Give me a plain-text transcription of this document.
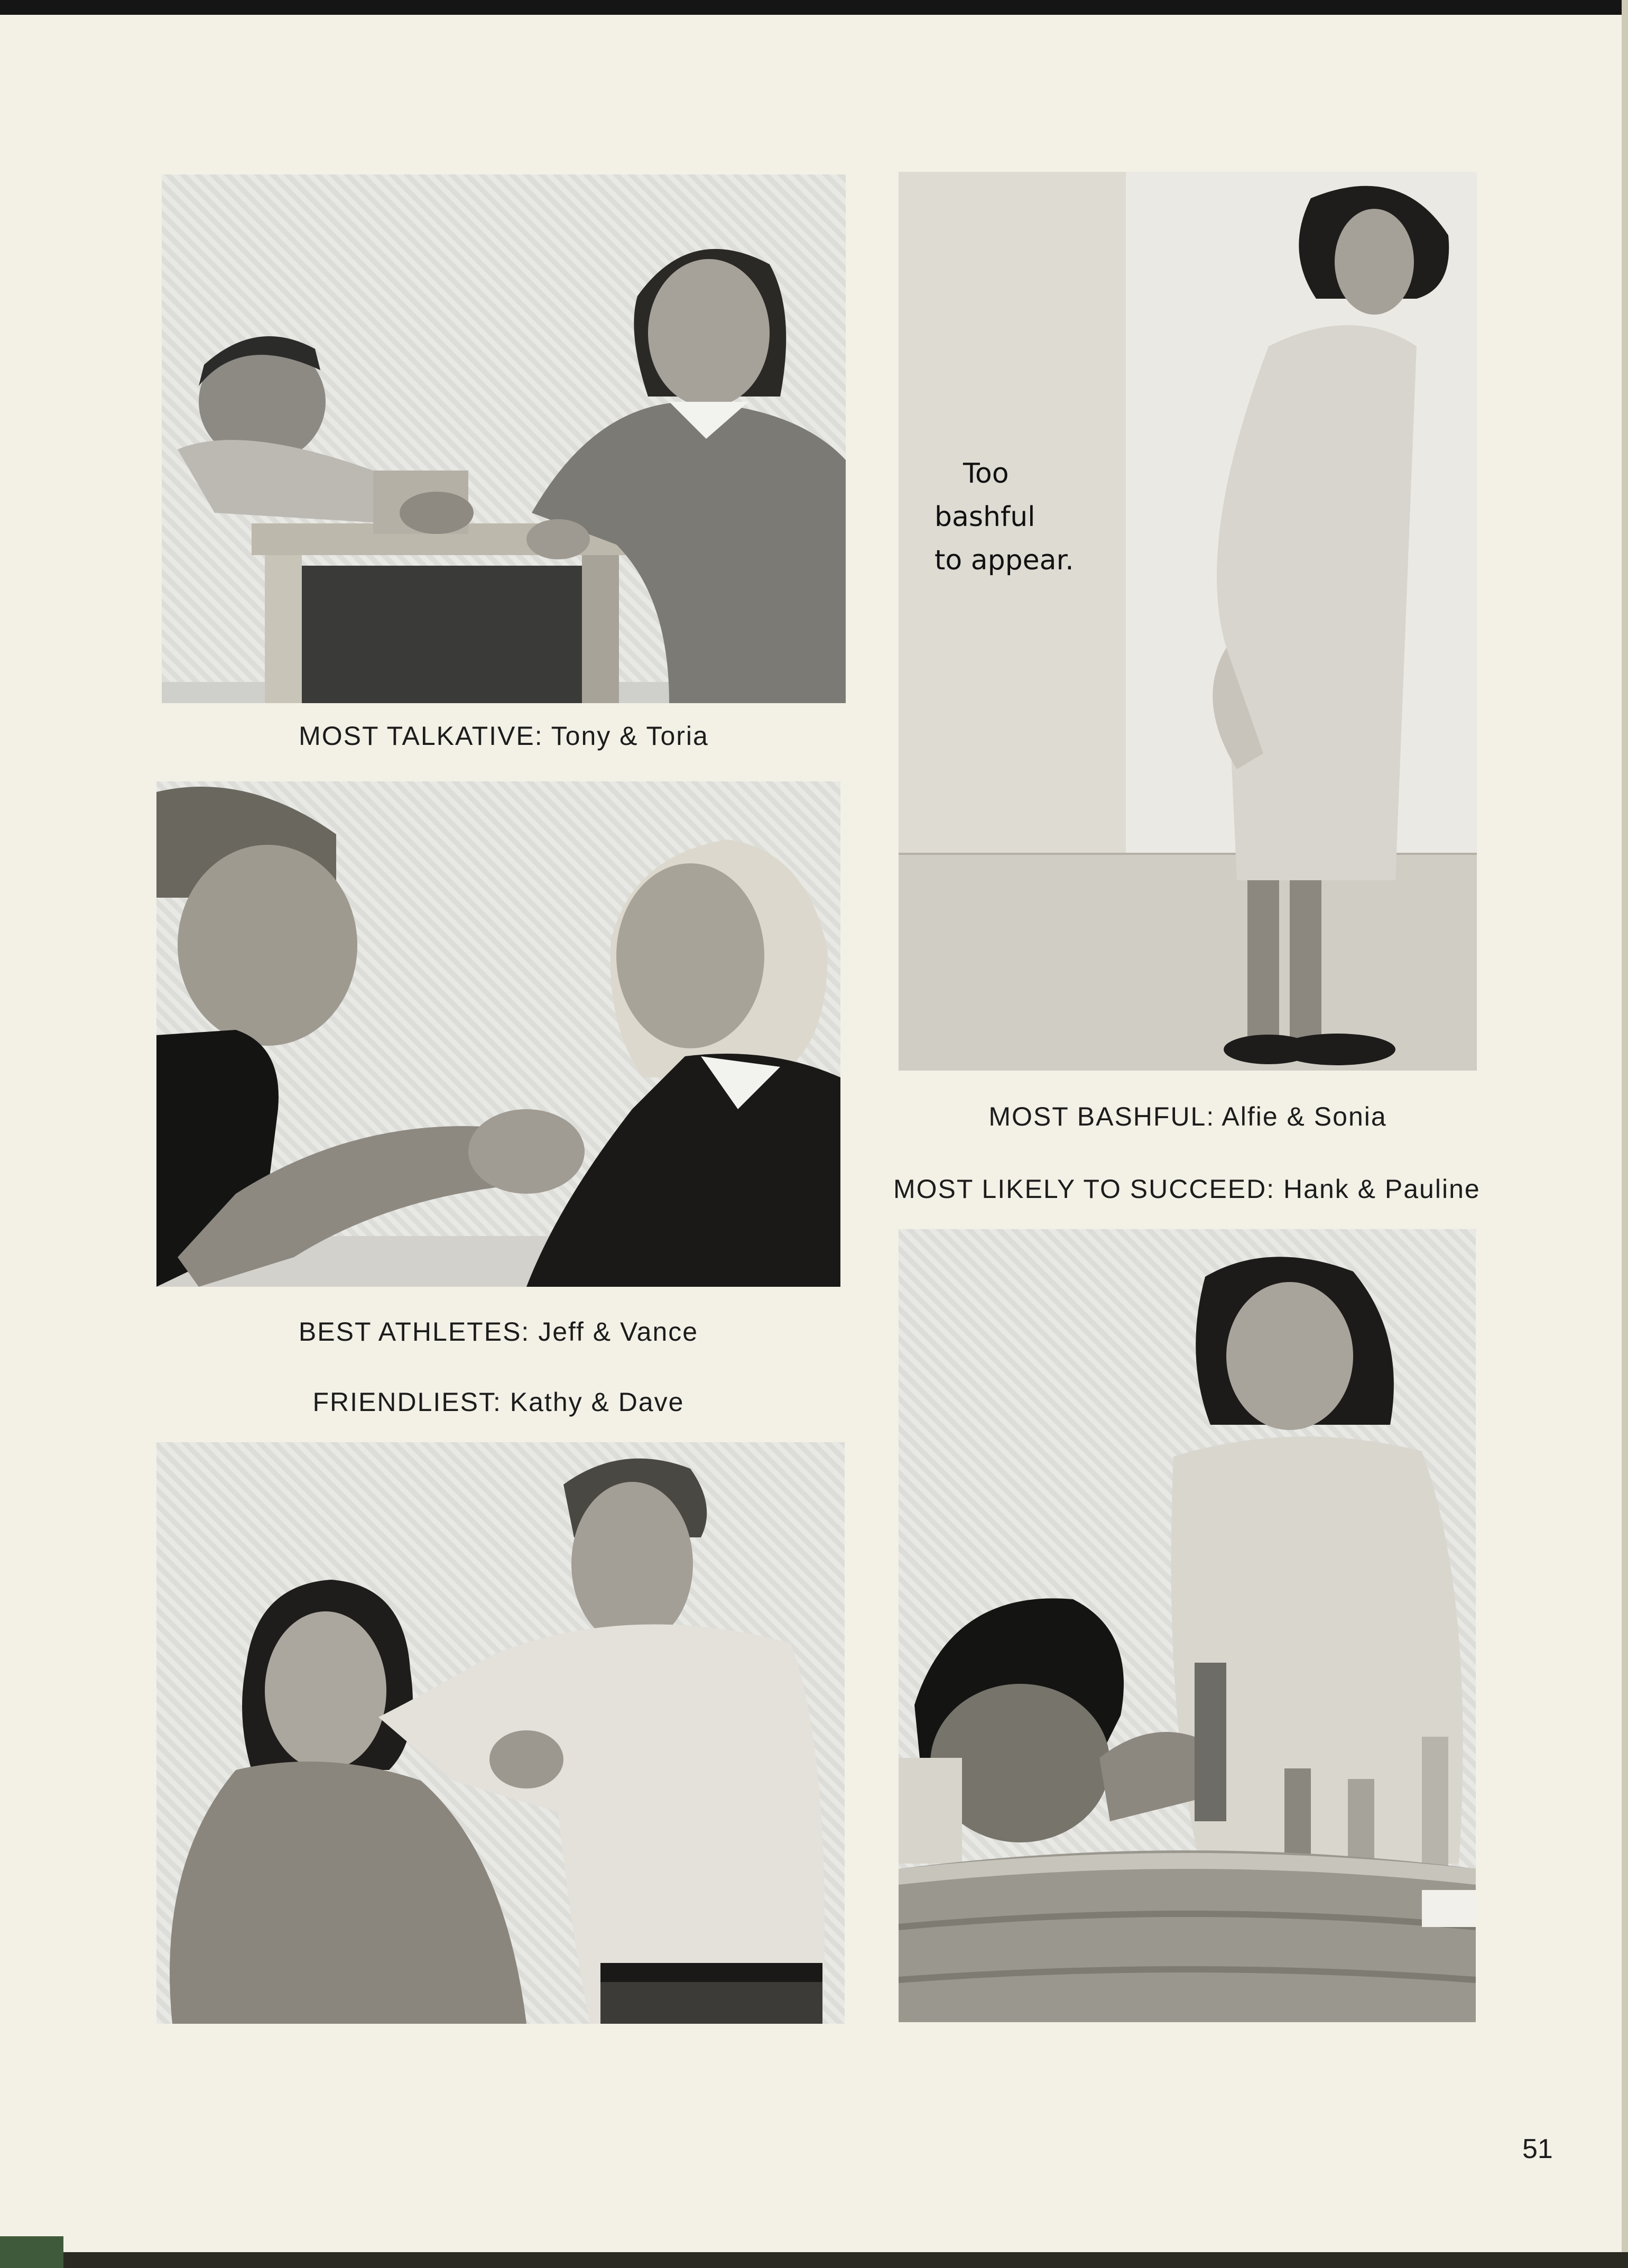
MOST TALKATIVE: Tony & Toria
Too
bashful
to appear.
MOST BASHFUL: Alfie & Sonia
BEST ATHLETES: Jeff & Vance
FRIENDLIEST: Kathy & Dave
MOST LIKELY TO SUCCEED: Hank & Pauline
51
